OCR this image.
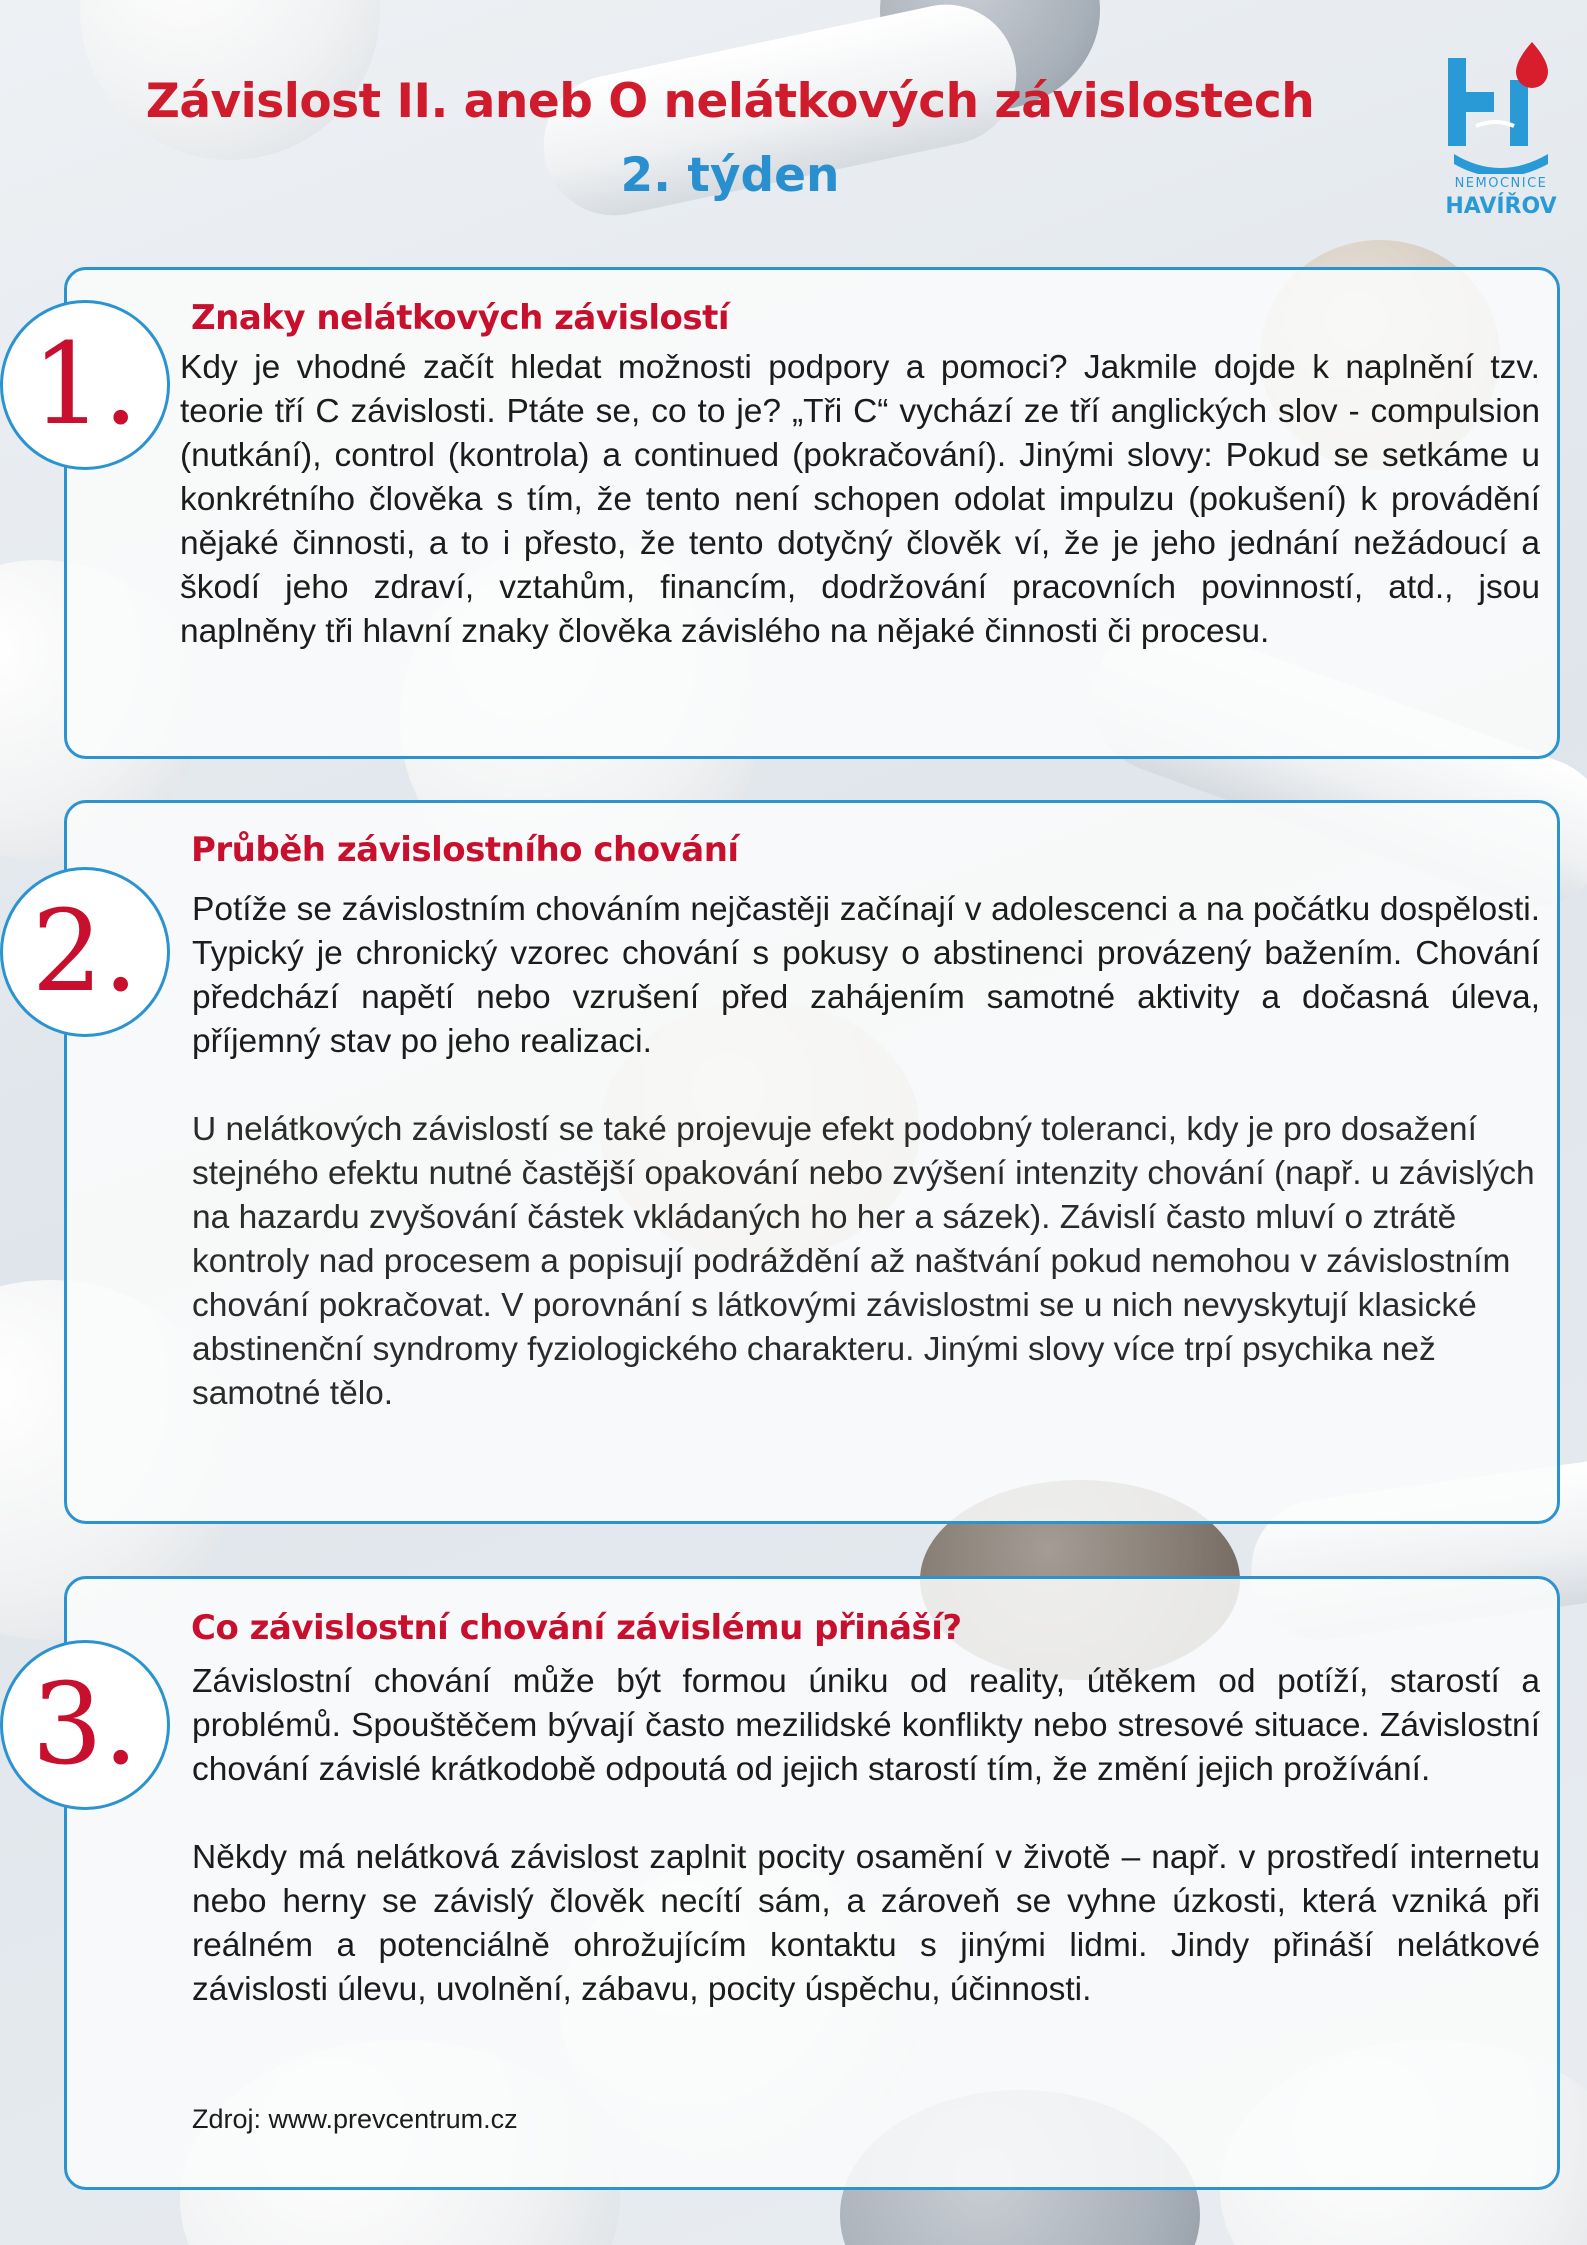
Závislost II. aneb O nelátkových závislostech
2. týden	NEMOCNICE
HAVÍŘOV
1.
Znaky nelátkových závislostí

Kdy je vhodné začít hledat možnosti podpory a pomoci? Jakmile dojde k naplnění tzv. teorie tří C závislosti. Ptáte se, co to je? „Tři C“ vychází ze tří anglických slov - compulsion (nutkání), control (kontrola) a continued (pokračování). Jinými slovy: Pokud se setkáme u konkrétního člověka s tím, že tento není schopen odolat impulzu (pokušení) k provádění nějaké činnosti, a to i přesto, že tento dotyčný člověk ví, že je jeho jednání nežádoucí a škodí jeho zdraví, vztahům, financím, dodržování pracovních povinností, atd., jsou naplněny tři hlavní znaky člověka závislého na nějaké činnosti či procesu.

2.
Průběh závislostního chování

Potíže se závislostním chováním nejčastěji začínají v adolescenci a na počátku dospělosti. Typický je chronický vzorec chování s pokusy o abstinenci provázený bažením. Chování předchází napětí nebo vzrušení před zahájením samotné aktivity a dočasná úleva, příjemný stav po jeho realizaci.

U nelátkových závislostí se také projevuje efekt podobný toleranci, kdy je pro dosažení stejného efektu nutné častější opakování nebo zvýšení intenzity chování (např. u závislých na hazardu zvyšování částek vkládaných ho her a sázek). Závislí často mluví o ztrátě kontroly nad procesem a popisují podráždění až naštvání pokud nemohou v závislostním chování pokračovat. V porovnání s látkovými závislostmi se u nich nevyskytují klasické abstinenční syndromy fyziologického charakteru. Jinými slovy více trpí psychika než samotné tělo.

3.
Co závislostní chování závislému přináší?

Závislostní chování může být formou úniku od reality, útěkem od potíží, starostí a problémů. Spouštěčem bývají často mezilidské konflikty nebo stresové situace. Závislostní chování závislé krátkodobě odpoutá od jejich starostí tím, že změní jejich prožívání.

Někdy má nelátková závislost zaplnit pocity osamění v životě – např. v prostředí internetu nebo herny se závislý člověk necítí sám, a zároveň se vyhne úzkosti, která vzniká při reálném a potenciálně ohrožujícím kontaktu s jinými lidmi. Jindy přináší nelátkové závislosti úlevu, uvolnění, zábavu, pocity úspěchu, účinnosti.

Zdroj: www.prevcentrum.cz
